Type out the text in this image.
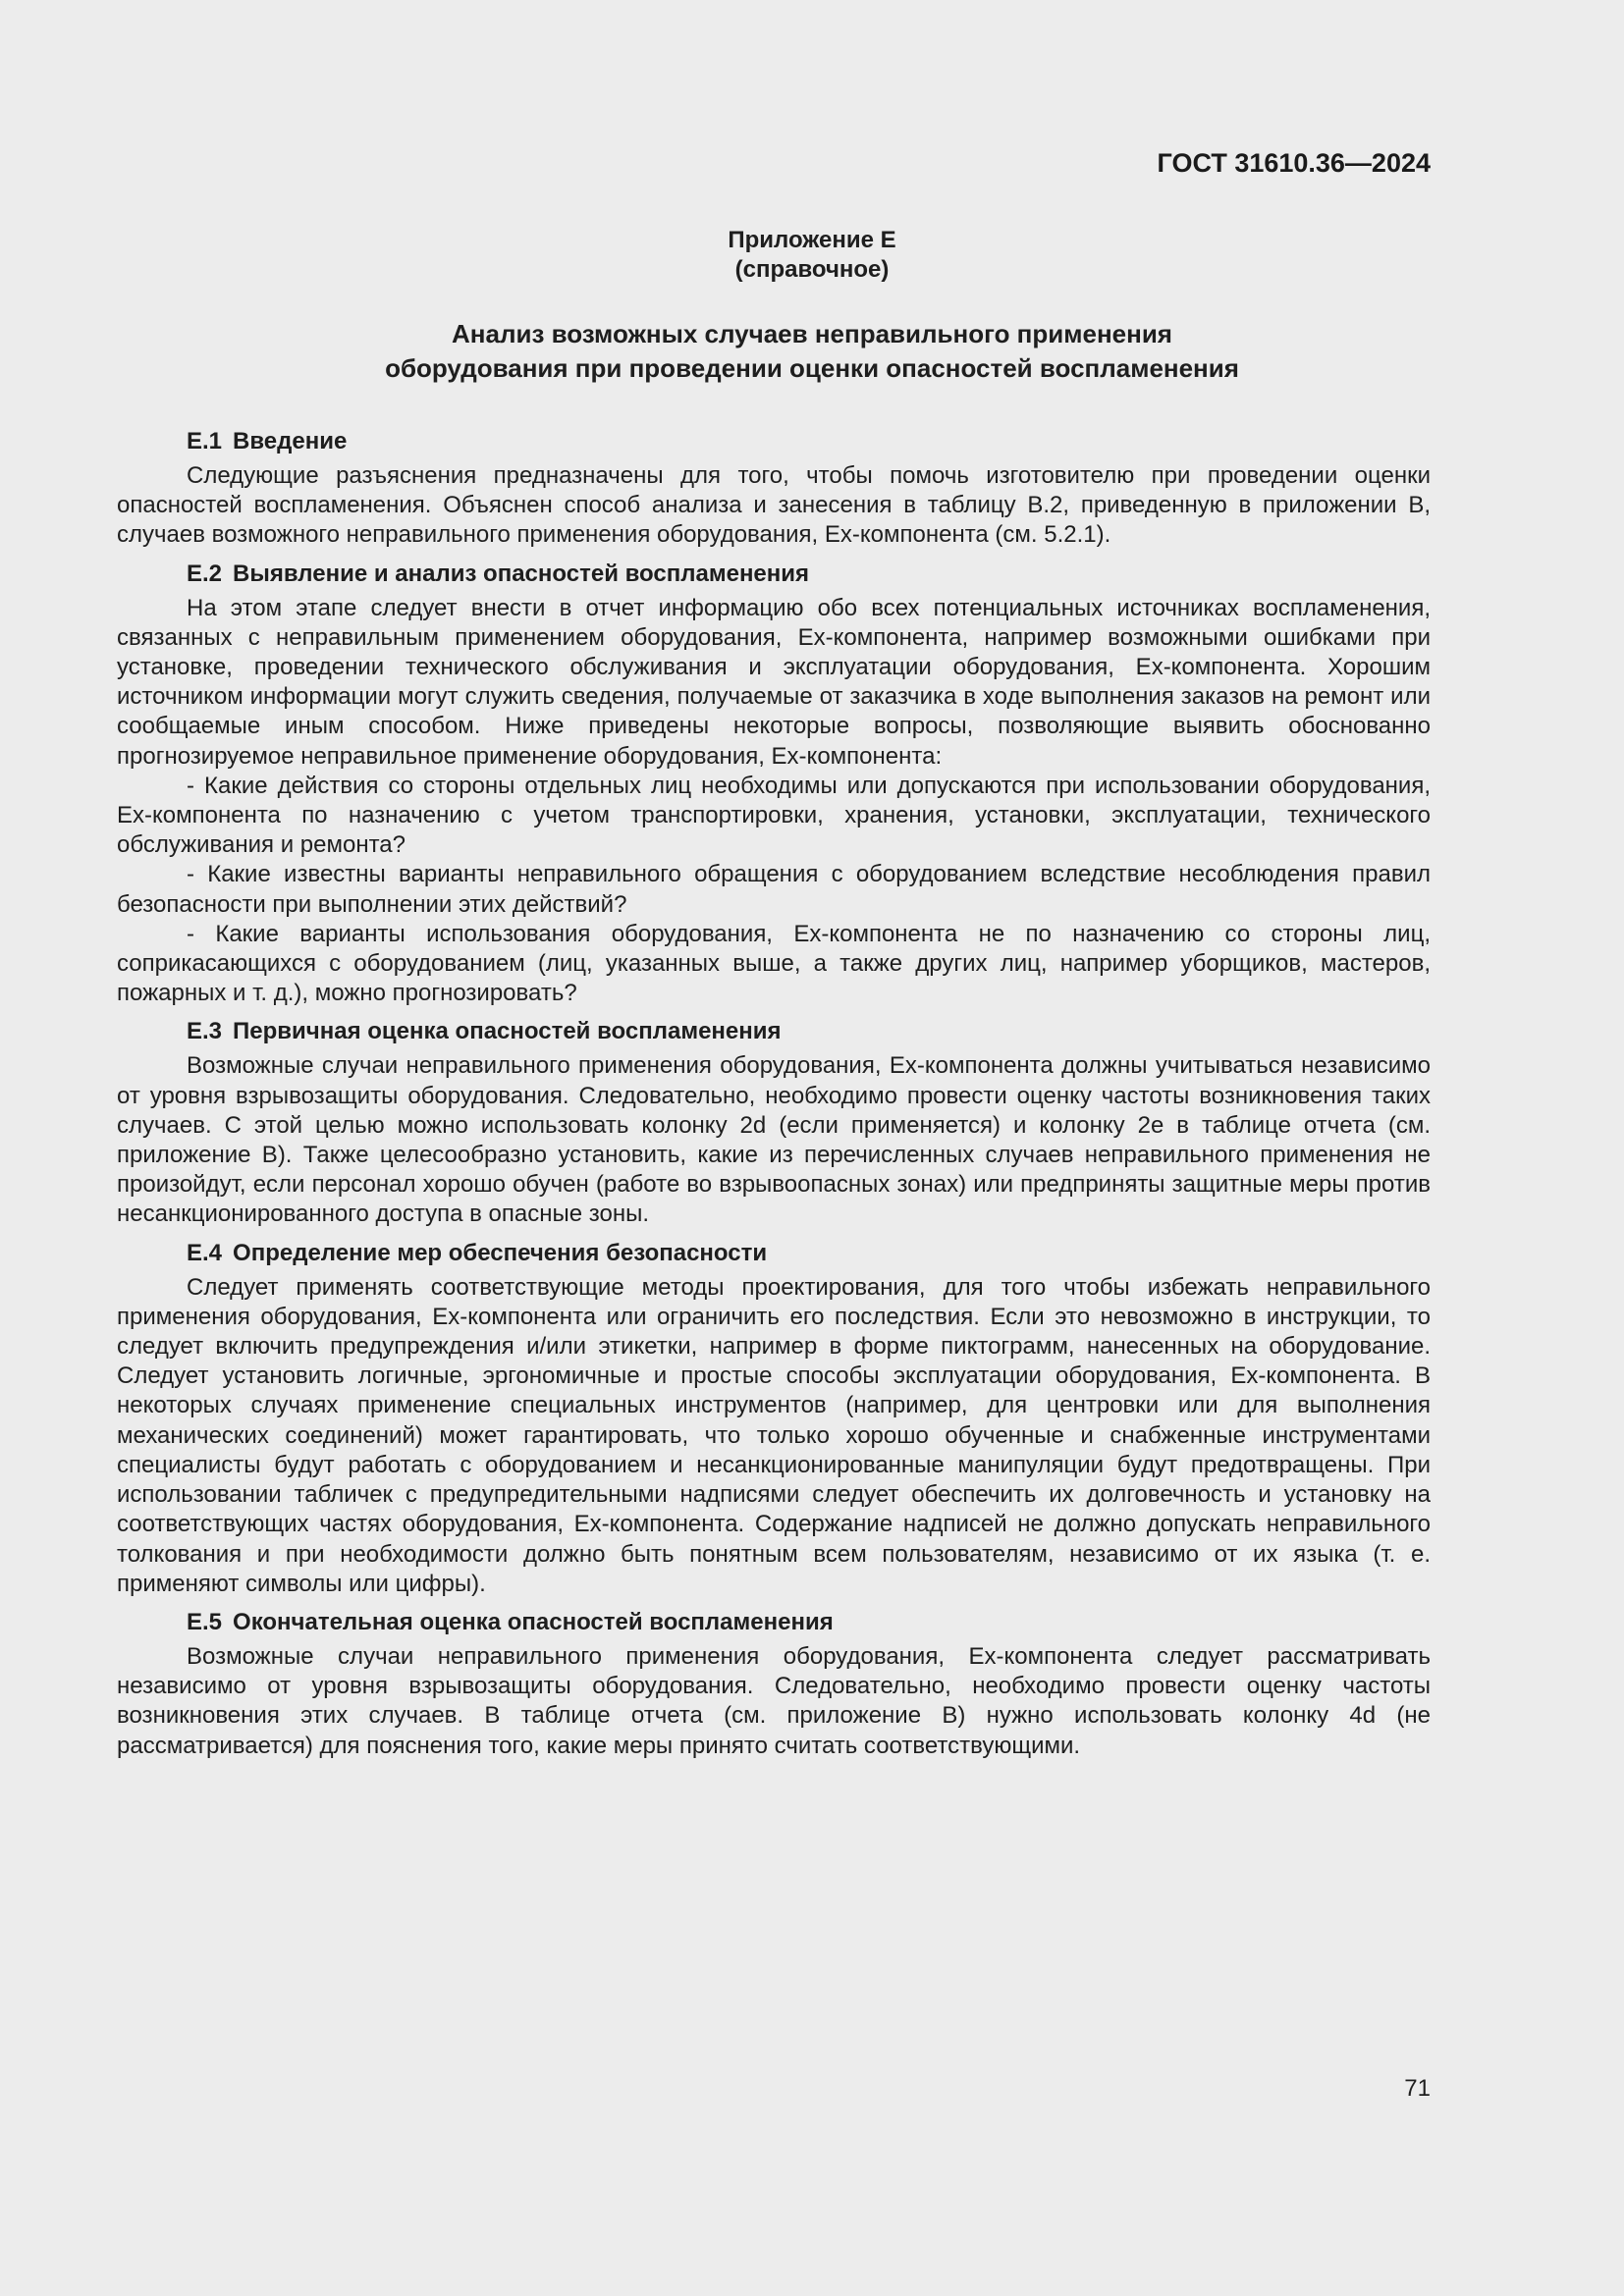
ГОСТ 31610.36—2024
Приложение Е
(справочное)
Анализ возможных случаев неправильного применения
оборудования при проведении оценки опасностей воспламенения

Е.1 Введение

Следующие разъяснения предназначены для того, чтобы помочь изготовителю при проведении оценки опасностей воспламенения. Объяснен способ анализа и занесения в таблицу В.2, приведенную в приложении В, случаев возможного неправильного применения оборудования, Ех-компонента (см. 5.2.1).

Е.2 Выявление и анализ опасностей воспламенения

На этом этапе следует внести в отчет информацию обо всех потенциальных источниках воспламенения, связанных с неправильным применением оборудования, Ех-компонента, например возможными ошибками при установке, проведении технического обслуживания и эксплуатации оборудования, Ех-компонента. Хорошим источником информации могут служить сведения, получаемые от заказчика в ходе выполнения заказов на ремонт или сообщаемые иным способом. Ниже приведены некоторые вопросы, позволяющие выявить обоснованно прогнозируемое неправильное применение оборудования, Ех-компонента:

- Какие действия со стороны отдельных лиц необходимы или допускаются при использовании оборудования, Ех-компонента по назначению с учетом транспортировки, хранения, установки, эксплуатации, технического обслуживания и ремонта?

- Какие известны варианты неправильного обращения с оборудованием вследствие несоблюдения правил безопасности при выполнении этих действий?

- Какие варианты использования оборудования, Ех-компонента не по назначению со стороны лиц, соприкасающихся с оборудованием (лиц, указанных выше, а также других лиц, например уборщиков, мастеров, пожарных и т. д.), можно прогнозировать?

Е.3 Первичная оценка опасностей воспламенения

Возможные случаи неправильного применения оборудования, Ех-компонента должны учитываться независимо от уровня взрывозащиты оборудования. Следовательно, необходимо провести оценку частоты возникновения таких случаев. С этой целью можно использовать колонку 2d (если применяется) и колонку 2е в таблице отчета (см. приложение В). Также целесообразно установить, какие из перечисленных случаев неправильного применения не произойдут, если персонал хорошо обучен (работе во взрывоопасных зонах) или предприняты защитные меры против несанкционированного доступа в опасные зоны.

Е.4 Определение мер обеспечения безопасности

Следует применять соответствующие методы проектирования, для того чтобы избежать неправильного применения оборудования, Ех-компонента или ограничить его последствия. Если это невозможно в инструкции, то следует включить предупреждения и/или этикетки, например в форме пиктограмм, нанесенных на оборудование. Следует установить логичные, эргономичные и простые способы эксплуатации оборудования, Ех-компонента. В некоторых случаях применение специальных инструментов (например, для центровки или для выполнения механических соединений) может гарантировать, что только хорошо обученные и снабженные инструментами специалисты будут работать с оборудованием и несанкционированные манипуляции будут предотвращены. При использовании табличек с предупредительными надписями следует обеспечить их долговечность и установку на соответствующих частях оборудования, Ех-компонента. Содержание надписей не должно допускать неправильного толкования и при необходимости должно быть понятным всем пользователям, независимо от их языка (т. е. применяют символы или цифры).

Е.5 Окончательная оценка опасностей воспламенения

Возможные случаи неправильного применения оборудования, Ех-компонента следует рассматривать независимо от уровня взрывозащиты оборудования. Следовательно, необходимо провести оценку частоты возникновения этих случаев. В таблице отчета (см. приложение В) нужно использовать колонку 4d (не рассматривается) для пояснения того, какие меры принято считать соответствующими.

71
